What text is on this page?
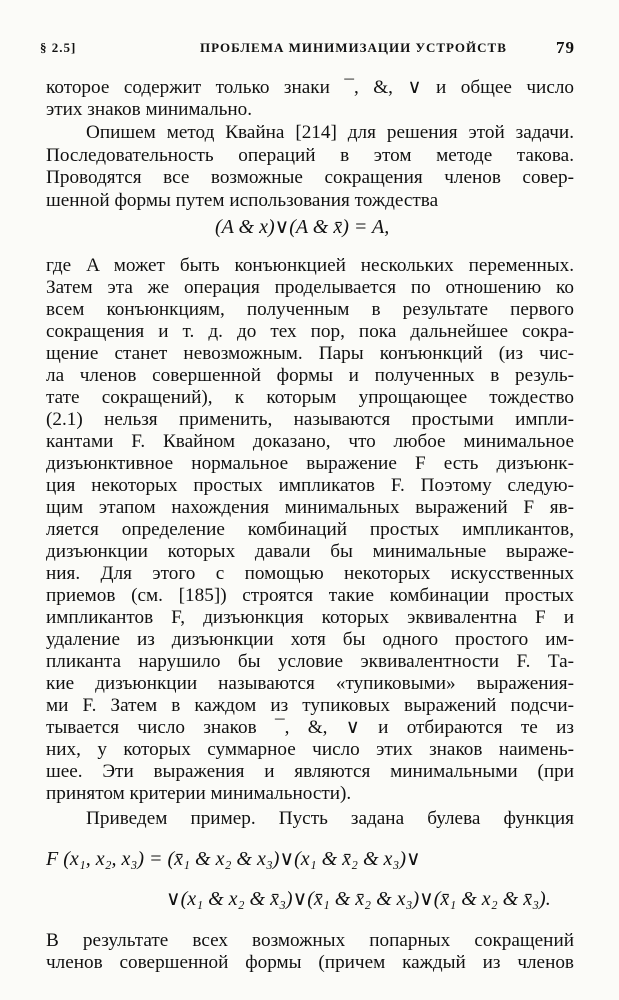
§ 2.5]	ПРОБЛЕМА МИНИМИЗАЦИИ УСТРОЙСТВ	79
которое содержит только знаки ¯, &, ∨ и общее число
этих знаков минимально.
Опишем метод Квайна [214] для решения этой задачи.
Последовательность операций в этом методе такова.
Проводятся все возможные сокращения членов совер-
шенной формы путем использования тождества
(A & x)∨(A & x̄) = A,
где A может быть конъюнкцией нескольких переменных.
Затем эта же операция проделывается по отношению ко
всем конъюнкциям, полученным в результате первого
сокращения и т. д. до тех пор, пока дальнейшее сокра-
щение станет невозможным. Пары конъюнкций (из чис-
ла членов совершенной формы и полученных в резуль-
тате сокращений), к которым упрощающее тождество
(2.1) нельзя применить, называются простыми импли-
кантами F. Квайном доказано, что любое минимальное
дизъюнктивное нормальное выражение F есть дизъюнк-
ция некоторых простых импликатов F. Поэтому следую-
щим этапом нахождения минимальных выражений F яв-
ляется определение комбинаций простых импликантов,
дизъюнкции которых давали бы минимальные выраже-
ния. Для этого с помощью некоторых искусственных
приемов (см. [185]) строятся такие комбинации простых
импликантов F, дизъюнкция которых эквивалентна F и
удаление из дизъюнкции хотя бы одного простого им-
пликанта нарушило бы условие эквивалентности F. Та-
кие дизъюнкции называются «тупиковыми» выражения-
ми F. Затем в каждом из тупиковых выражений подсчи-
тывается число знаков ¯, &, ∨ и отбираются те из
них, у которых суммарное число этих знаков наимень-
шее. Эти выражения и являются минимальными (при
принятом критерии минимальности).
Приведем пример. Пусть задана булева функция
F (x₁, x₂, x₃) = (x̄₁ & x₂ & x₃)∨(x₁ & x̄₂ & x₃)∨
∨(x₁ & x₂ & x̄₃)∨(x̄₁ & x̄₂ & x₃)∨(x̄₁ & x₂ & x̄₃).
В результате всех возможных попарных сокращений
членов совершенной формы (причем каждый из членов
